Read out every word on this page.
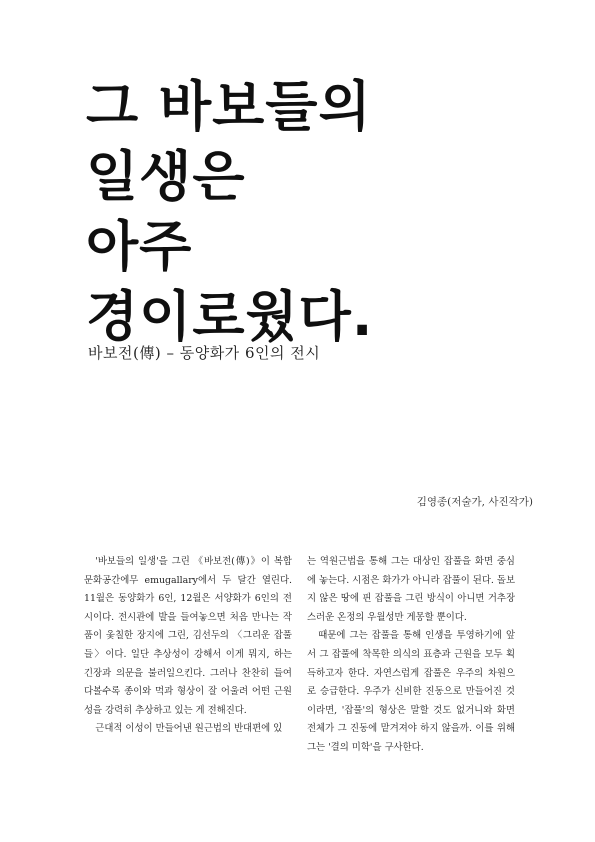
그 바보들의
일생은
아주
경이로웠다.
바보전(傳) – 동양화가 6인의 전시
김영종(저술가, 사진작가)

'바보들의 일생'을 그린 《바보전(傳)》이 복합문화공간에무 emugallary에서 두 달간 열린다. 11월은 동양화가 6인, 12월은 서양화가 6인의 전시이다. 전시관에 발을 들여놓으면 처음 만나는 작품이 옻칠한 장지에 그린, 김선두의 〈그리운 잡풀들〉이다. 일단 추상성이 강해서 이게 뭐지, 하는 긴장과 의문을 불러일으킨다. 그러나 찬찬히 들여다볼수록 종이와 먹과 형상이 잘 어울려 어떤 근원성을 강력히 추상하고 있는 게 전해진다.

근대적 이성이 만들어낸 원근법의 반대편에 있

는 역원근법을 통해 그는 대상인 잡풀을 화면 중심에 놓는다. 시점은 화가가 아니라 잡풀이 된다. 돌보지 않은 땅에 핀 잡풀을 그린 방식이 아니면 거추장스러운 온정의 우월성만 게몽할 뿐이다.

때문에 그는 잡풀을 통해 인생을 투영하기에 앞서 그 잡풀에 착목한 의식의 표층과 근원을 모두 획득하고자 한다. 자연스럽게 잡풀은 우주의 차원으로 승급한다. 우주가 신비한 진동으로 만들어진 것이라면, '잡풀'의 형상은 말할 것도 없거니와 화면 전체가 그 진동에 맡겨져야 하지 않을까. 이를 위해 그는 '결의 미학'을 구사한다.
